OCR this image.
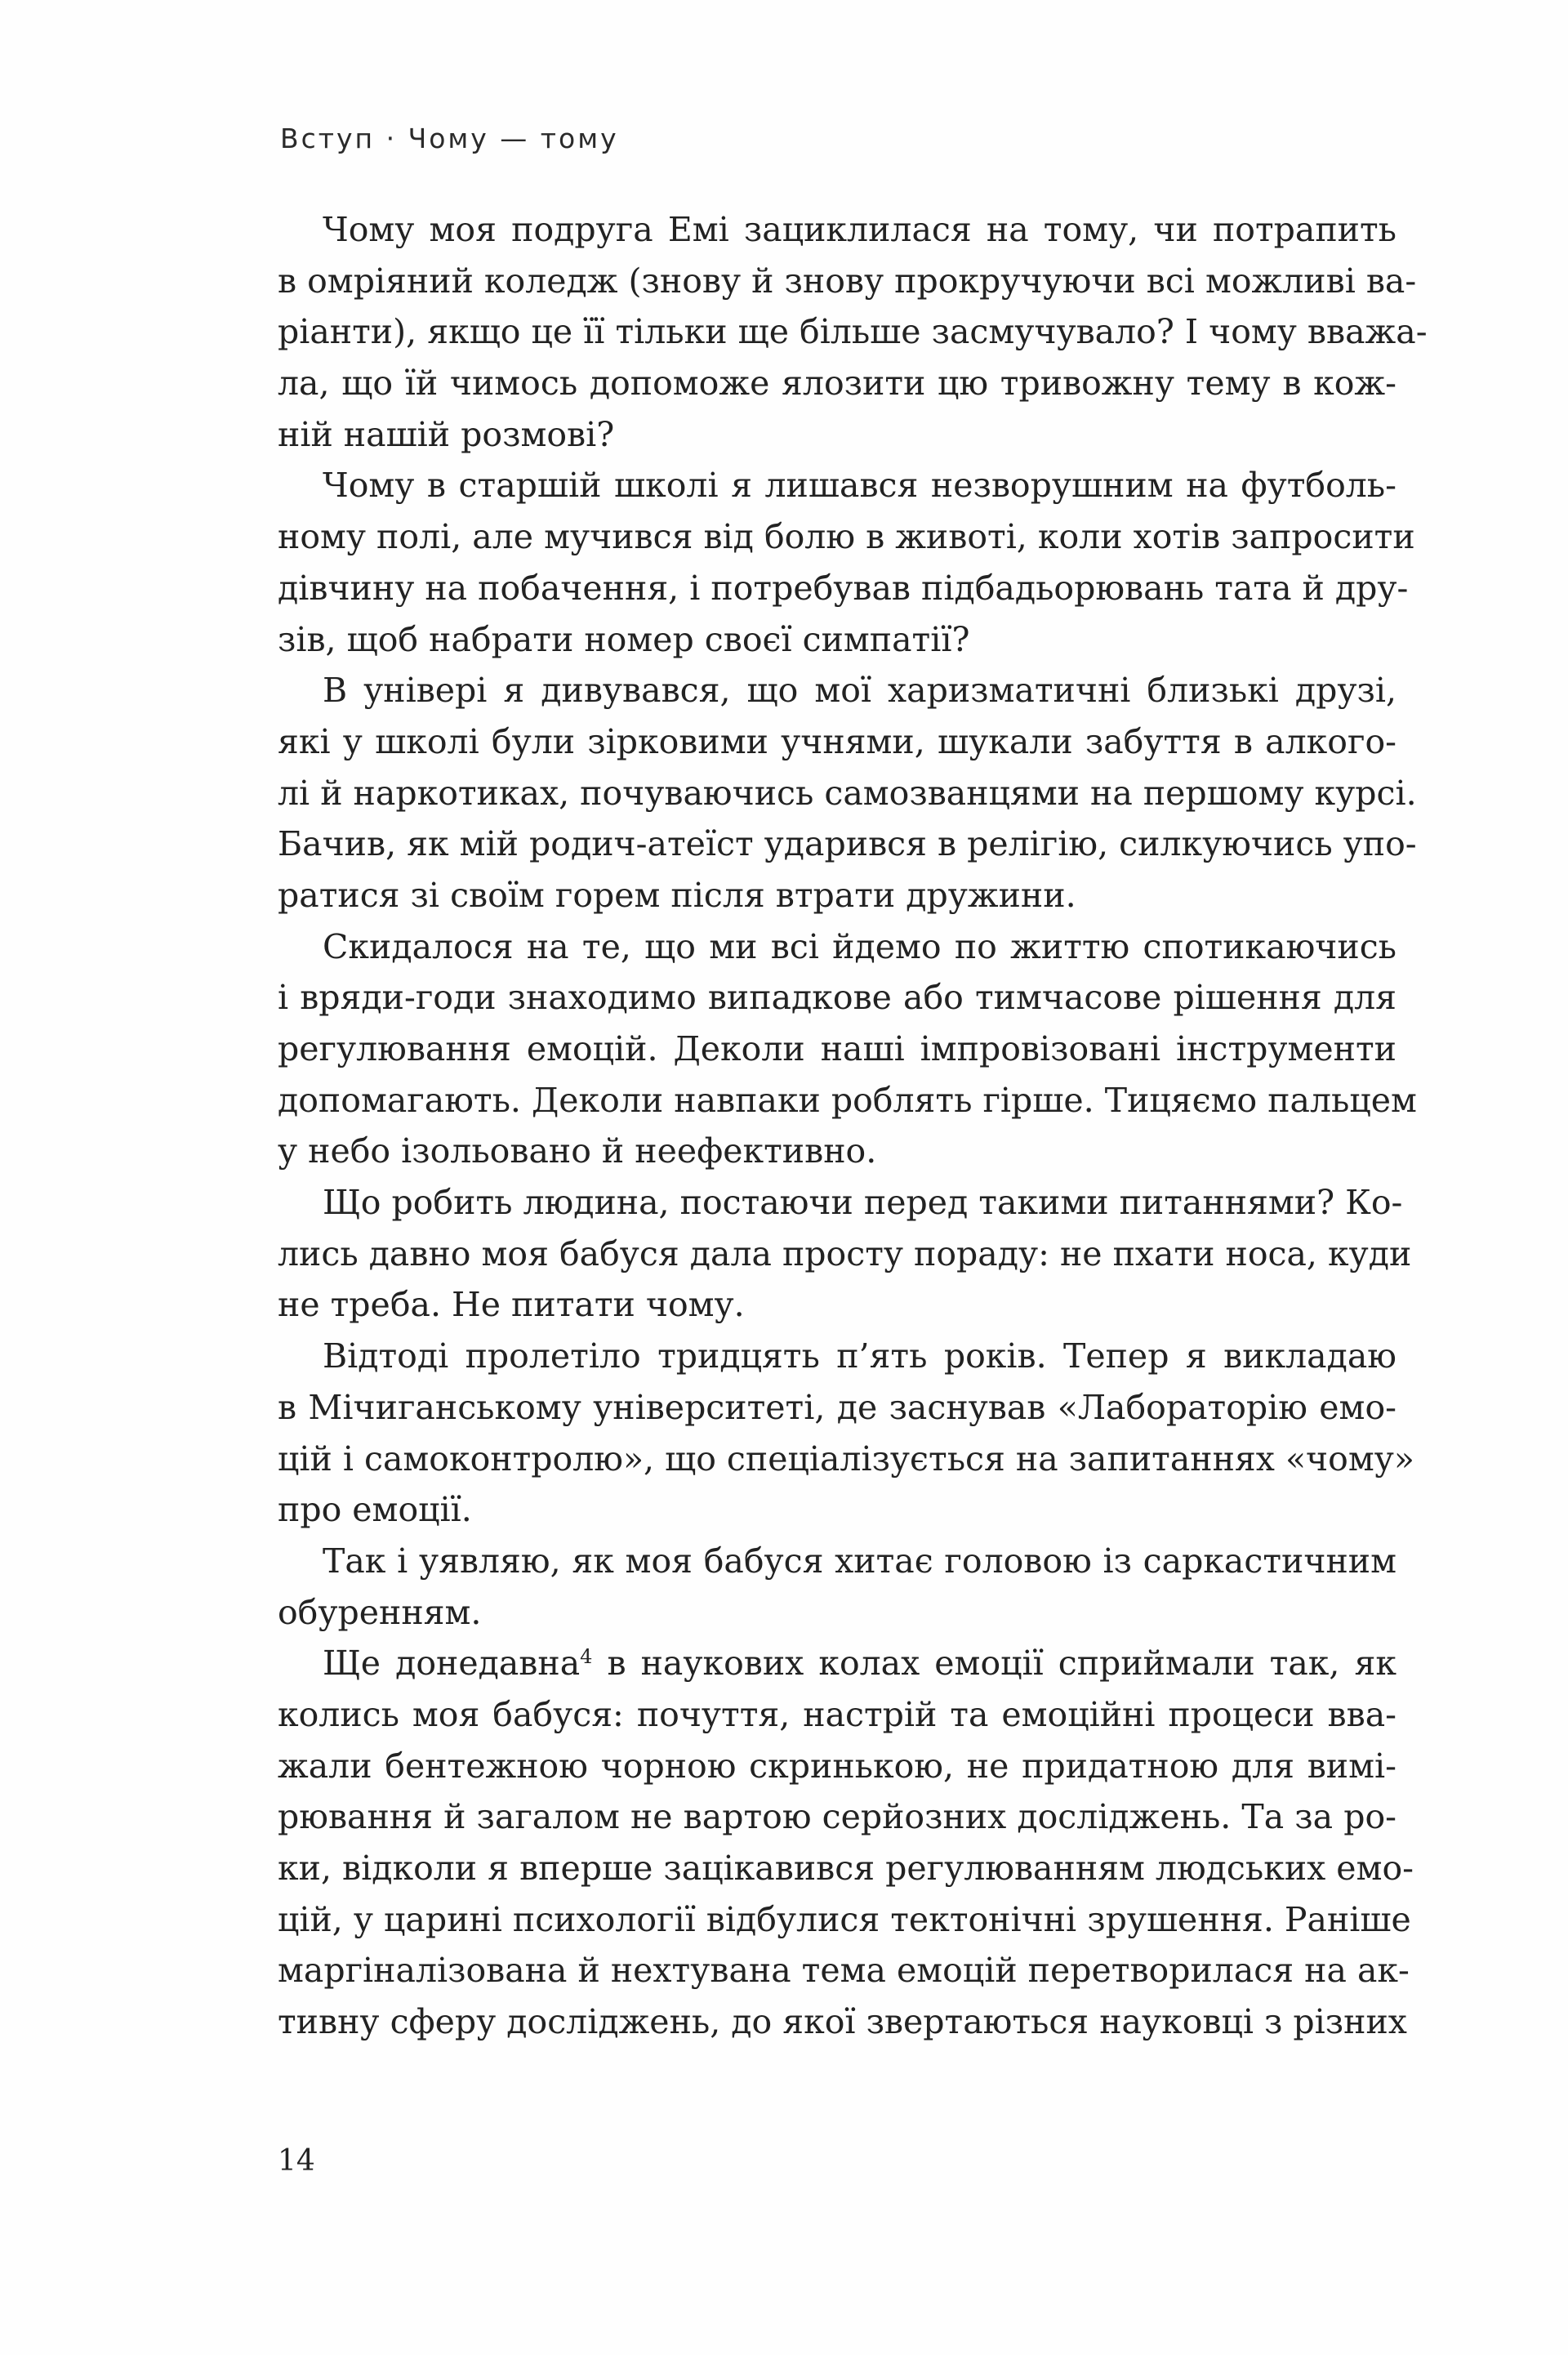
Вступ · Чому — тому
Чому моя подруга Емі зациклилася на тому, чи потрапить
в омріяний коледж (знову й знову прокручуючи всі можливі ва-
ріанти), якщо це її тільки ще більше засмучувало? І чому вважа-
ла, що їй чимось допоможе ялозити цю тривожну тему в кож-
ній нашій розмові?
Чому в старшій школі я лишався незворушним на футболь-
ному полі, але мучився від болю в животі, коли хотів запросити
дівчину на побачення, і потребував підбадьорювань тата й дру-
зів, щоб набрати номер своєї симпатії?
В універі я дивувався, що мої харизматичні близькі друзі,
які у школі були зірковими учнями, шукали забуття в алкого-
лі й наркотиках, почуваючись самозванцями на першому курсі.
Бачив, як мій родич-атеїст ударився в релігію, силкуючись упо-
ратися зі своїм горем після втрати дружини.
Скидалося на те, що ми всі йдемо по життю спотикаючись
і вряди-годи знаходимо випадкове або тимчасове рішення для
регулювання емоцій. Деколи наші імпровізовані інструменти
допомагають. Деколи навпаки роблять гірше. Тицяємо пальцем
у небо ізольовано й неефективно.
Що робить людина, постаючи перед такими питаннями? Ко-
лись давно моя бабуся дала просту пораду: не пхати носа, куди
не треба. Не питати чому.
Відтоді пролетіло тридцять п’ять років. Тепер я викладаю
в Мічиганському університеті, де заснував «Лабораторію емо-
цій і самоконтролю», що спеціалізується на запитаннях «чому»
про емоції.
Так і уявляю, як моя бабуся хитає головою із саркастичним
обуренням.
Ще донедавна$^4$ в наукових колах емоції сприймали так, як
колись моя бабуся: почуття, настрій та емоційні процеси вва-
жали бентежною чорною скринькою, не придатною для вимі-
рювання й загалом не вартою серйозних досліджень. Та за ро-
ки, відколи я вперше зацікавився регулюванням людських емо-
цій, у царині психології відбулися тектонічні зрушення. Раніше
маргіналізована й нехтувана тема емоцій перетворилася на ак-
тивну сферу досліджень, до якої звертаються науковці з різних
14
